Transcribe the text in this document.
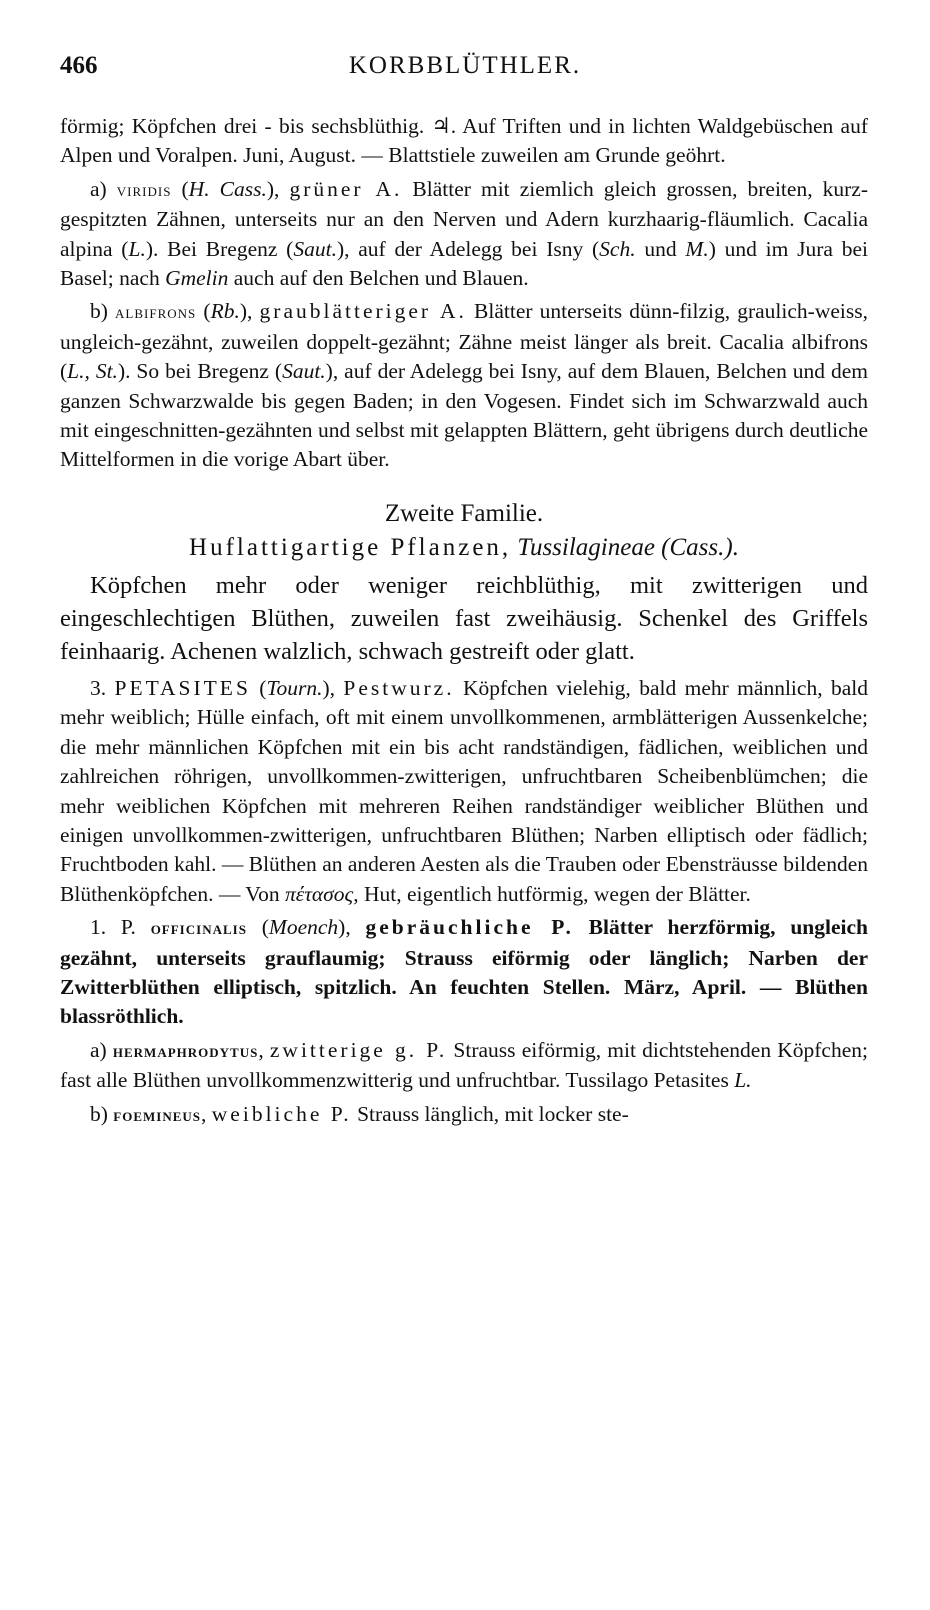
466	KORBBLÜTHLER.

förmig; Köpfchen drei - bis sechsblüthig. ♃. Auf Triften und in lichten Waldgebüschen auf Alpen und Voralpen. Juni, August. — Blattstiele zuweilen am Grunde geöhrt.

a) viridis (H. Cass.), grüner A. Blätter mit ziemlich gleich grossen, breiten, kurz-gespitzten Zähnen, unterseits nur an den Nerven und Adern kurzhaarig-fläumlich. Cacalia alpina (L.). Bei Bregenz (Saut.), auf der Adelegg bei Isny (Sch. und M.) und im Jura bei Basel; nach Gmelin auch auf den Belchen und Blauen.

b) albifrons (Rb.), graublätteriger A. Blätter unterseits dünn-filzig, graulich-weiss, ungleich-gezähnt, zuweilen doppelt-gezähnt; Zähne meist länger als breit. Cacalia albifrons (L., St.). So bei Bregenz (Saut.), auf der Adelegg bei Isny, auf dem Blauen, Belchen und dem ganzen Schwarzwalde bis gegen Baden; in den Vogesen. Findet sich im Schwarzwald auch mit eingeschnitten-gezähnten und selbst mit gelappten Blättern, geht übrigens durch deutliche Mittelformen in die vorige Abart über.

Zweite Familie.
Huflattigartige Pflanzen, Tussilagineae (Cass.).

Köpfchen mehr oder weniger reichblüthig, mit zwitterigen und eingeschlechtigen Blüthen, zuweilen fast zweihäusig. Schenkel des Griffels feinhaarig. Achenen walzlich, schwach gestreift oder glatt.

3. PETASITES (Tourn.), Pestwurz. Köpfchen vielehig, bald mehr männlich, bald mehr weiblich; Hülle einfach, oft mit einem unvollkommenen, armblätterigen Aussenkelche; die mehr männlichen Köpfchen mit ein bis acht randständigen, fädlichen, weiblichen und zahlreichen röhrigen, unvollkommen-zwitterigen, unfruchtbaren Scheibenblümchen; die mehr weiblichen Köpfchen mit mehreren Reihen randständiger weiblicher Blüthen und einigen unvollkommen-zwitterigen, unfruchtbaren Blüthen; Narben elliptisch oder fädlich; Fruchtboden kahl. — Blüthen an anderen Aesten als die Trauben oder Ebensträusse bildenden Blüthenköpfchen. — Von πέτασος, Hut, eigentlich hutförmig, wegen der Blätter.

1. P. officinalis (Moench), gebräuchliche P. Blätter herzförmig, ungleich gezähnt, unterseits grauflaumig; Strauss eiförmig oder länglich; Narben der Zwitterblüthen elliptisch, spitzlich. An feuchten Stellen. März, April. — Blüthen blassröthlich.

a) hermaphrodytus, zwitterige g. P. Strauss eiförmig, mit dichtstehenden Köpfchen; fast alle Blüthen unvollkommenzwitterig und unfruchtbar. Tussilago Petasites L.

b) foemineus, weibliche P. Strauss länglich, mit locker ste-
